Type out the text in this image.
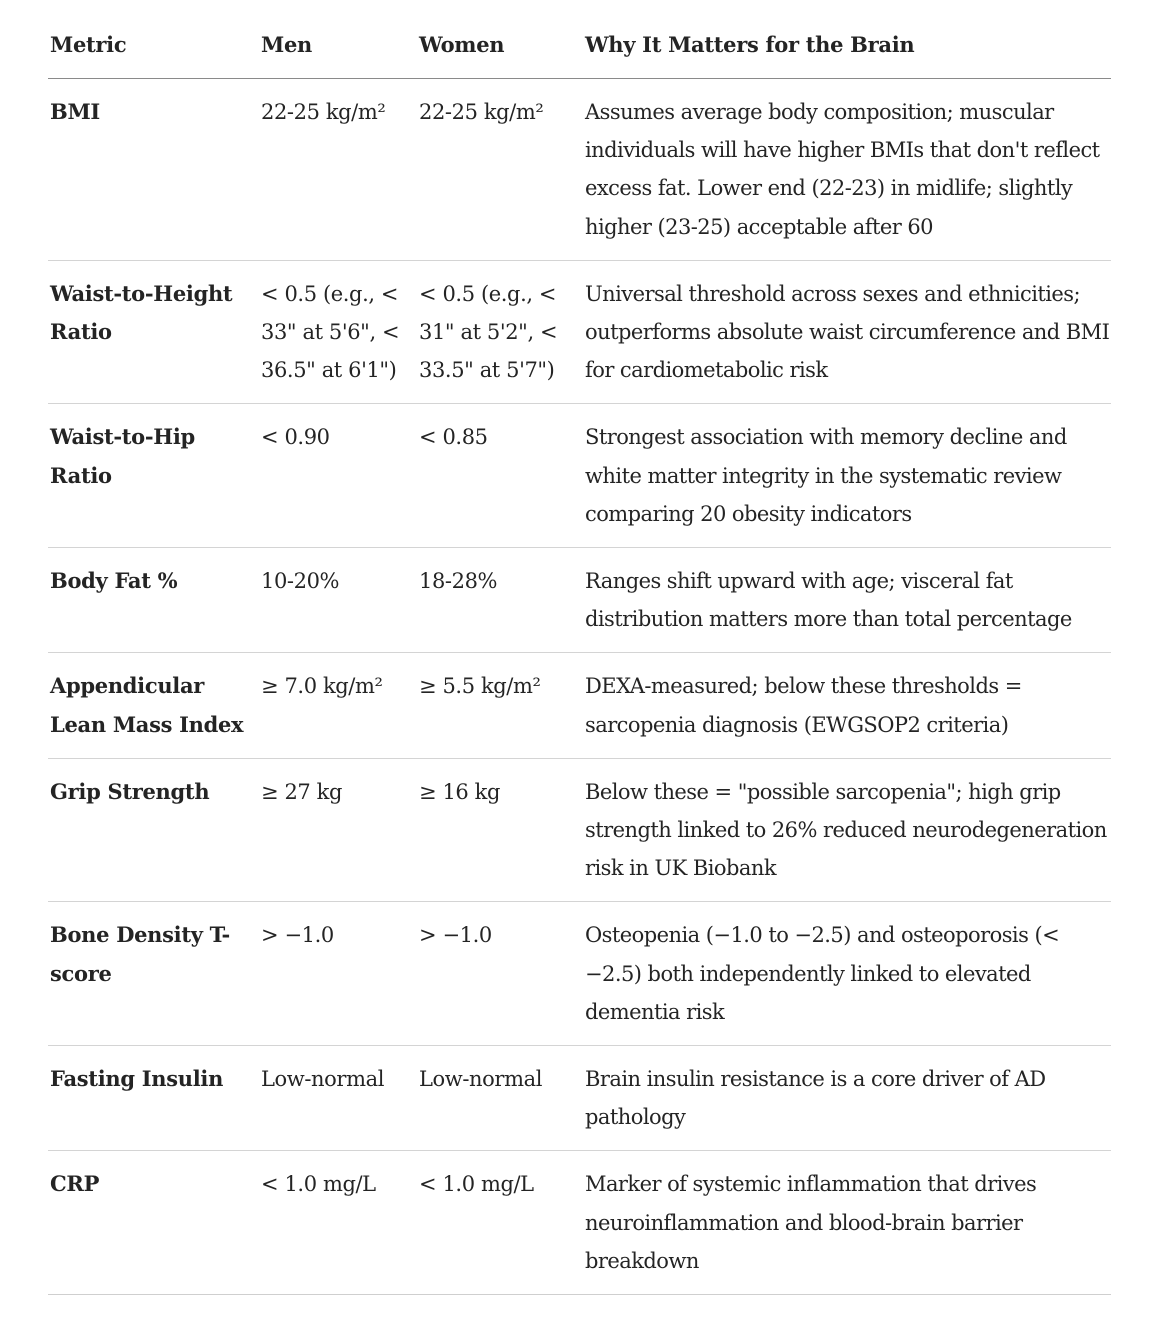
Metric	Men	Women	Why It Matters for the Brain
BMI	22-25 kg/m²	22-25 kg/m²	Assumes average body composition; muscular individuals will have higher BMIs that don't reflect excess fat. Lower end (22-23) in midlife; slightly higher (23-25) acceptable after 60
Waist-to-Height Ratio	< 0.5 (e.g., < 33" at 5'6", < 36.5" at 6'1")	< 0.5 (e.g., < 31" at 5'2", < 33.5" at 5'7")	Universal threshold across sexes and ethnicities; outperforms absolute waist circumference and BMI for cardiometabolic risk
Waist-to-Hip Ratio	< 0.90	< 0.85	Strongest association with memory decline and white matter integrity in the systematic review comparing 20 obesity indicators
Body Fat %	10-20%	18-28%	Ranges shift upward with age; visceral fat distribution matters more than total percentage
Appendicular Lean Mass Index	≥ 7.0 kg/m²	≥ 5.5 kg/m²	DEXA-measured; below these thresholds = sarcopenia diagnosis (EWGSOP2 criteria)
Grip Strength	≥ 27 kg	≥ 16 kg	Below these = "possible sarcopenia"; high grip strength linked to 26% reduced neurodegeneration risk in UK Biobank
Bone Density T-score	> −1.0	> −1.0	Osteopenia (−1.0 to −2.5) and osteoporosis (< −2.5) both independently linked to elevated dementia risk
Fasting Insulin	Low-normal	Low-normal	Brain insulin resistance is a core driver of AD pathology
CRP	< 1.0 mg/L	< 1.0 mg/L	Marker of systemic inflammation that drives neuroinflammation and blood-brain barrier breakdown
